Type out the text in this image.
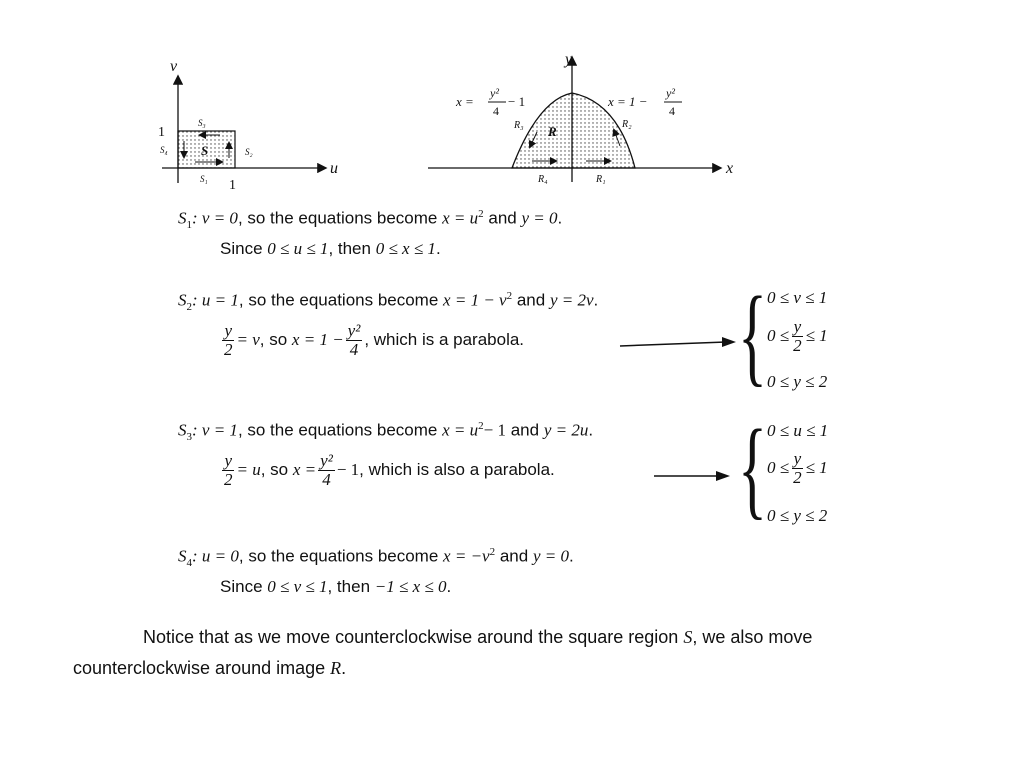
v
u
1
1
S
S₁
S₂
S₃
S₄
y
x
R
R₁
R₂
R₃
R₄
x =
y²
4
− 1	x = 1 −
y²
4
$S_1$: v = 0, so the equations become $x = u^2$ and y = 0.
Since 0 ≤ u ≤ 1, then 0 ≤ x ≤ 1.
$S_2$: u = 1, so the equations become $x = 1 - v^2$ and y = 2v.
$\frac{y}{2} = v$, so $x = 1 - \frac{\text{y²}}{4}$ , which is a parabola. { 0 ≤ v ≤ 1
$0 \le \frac{y}{2} \le 1$
0 ≤ y ≤ 2
$S_3$: v = 1, so the equations become $x = u^2- 1$ and y = 2u.
$\frac{y}{2} = u$, so $x = \frac{\text{y²}}{4} - 1$, which is also a parabola. { 0 ≤ u ≤ 1
$0 \le \frac{y}{2} \le 1$
0 ≤ y ≤ 2
$S_4$: u = 0, so the equations become $x = -v^2$ and y = 0.
Since 0 ≤ v ≤ 1, then −1 ≤ x ≤ 0.
Notice that as we move counterclockwise around the square region S, we also move
counterclockwise around image R.
